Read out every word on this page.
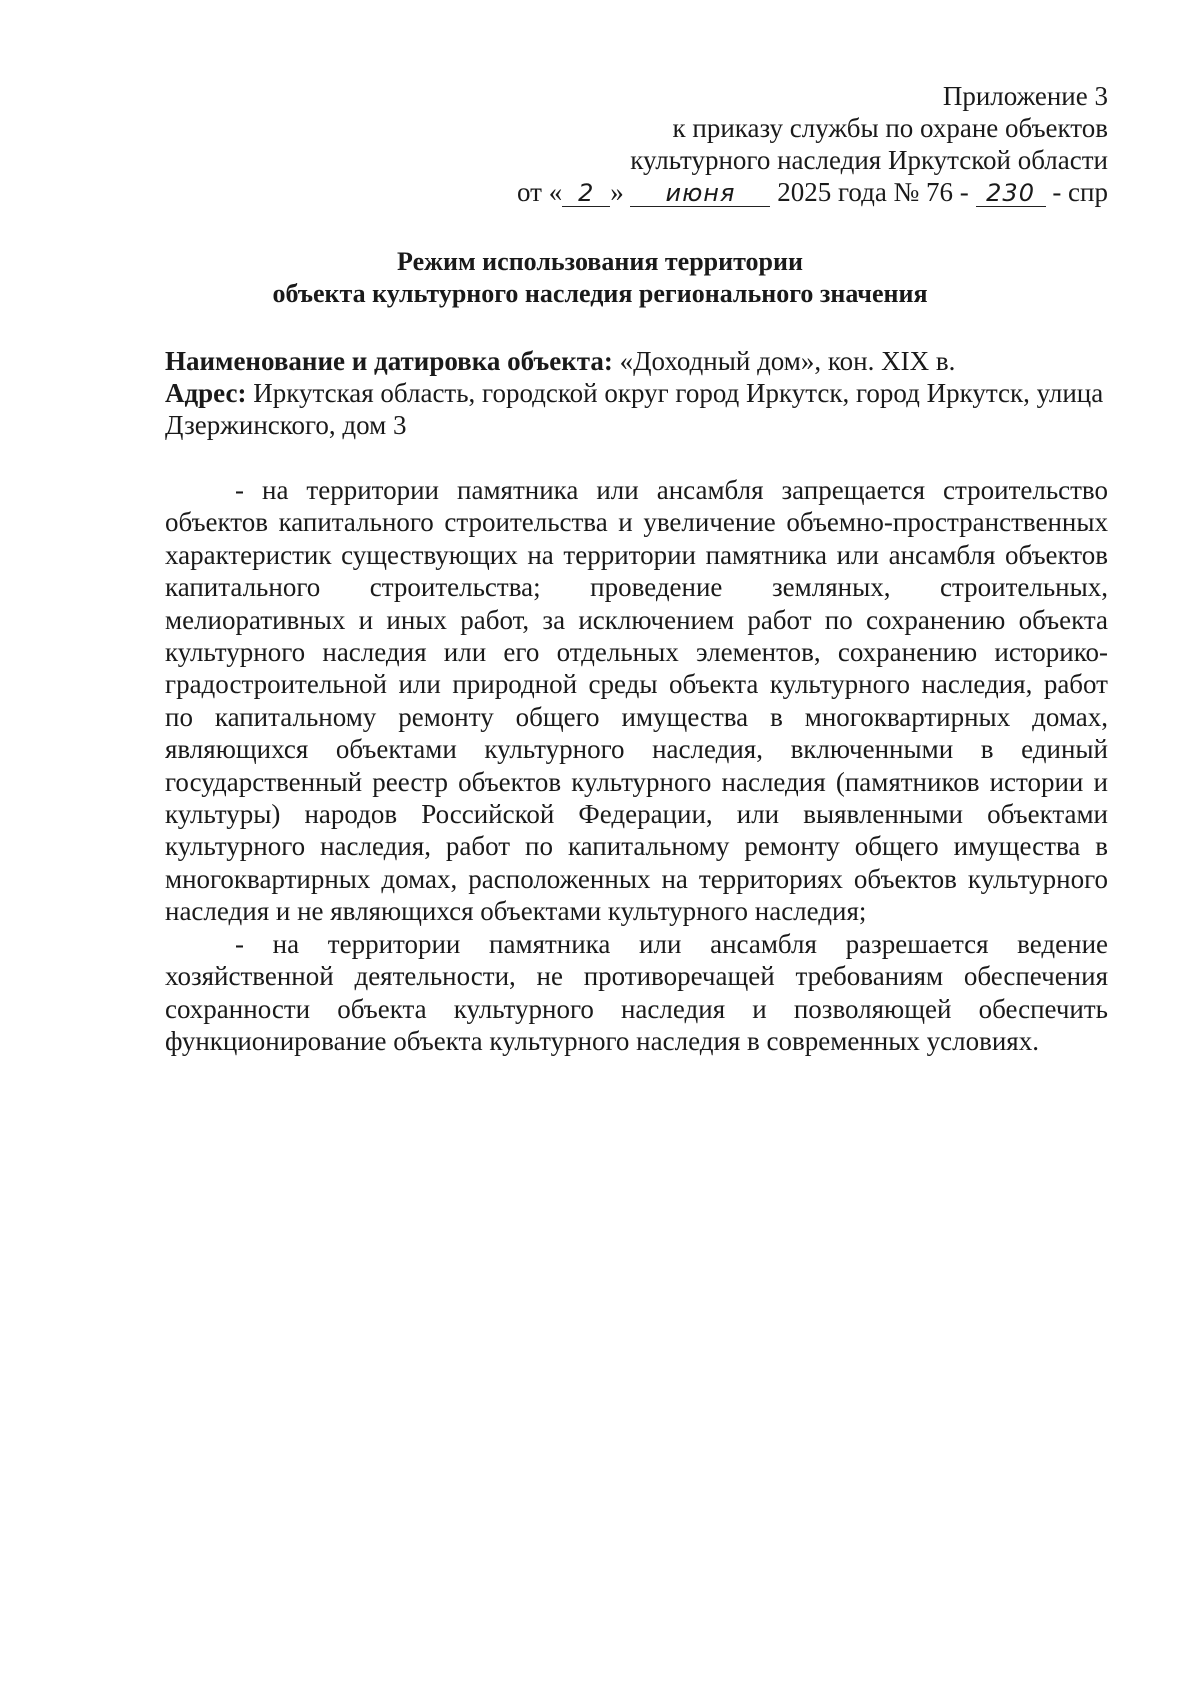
Приложение 3
к приказу службы по охране объектов
культурного наследия Иркутской области
от « 2 » июня 2025 года № 76 - 230 - спр
Режим использования территории
объекта культурного наследия регионального значения

Наименование и датировка объекта: «Доходный дом», кон. XIX в.

Адрес: Иркутская область, городской округ город Иркутск, город Иркутск, улица Дзержинского, дом 3

- на территории памятника или ансамбля запрещается строительство объектов капитального строительства и увеличение объемно-пространственных характеристик существующих на территории памятника или ансамбля объектов капитального строительства; проведение земляных, строительных, мелиоративных и иных работ, за исключением работ по сохранению объекта культурного наследия или его отдельных элементов, сохранению историко-градостроительной или природной среды объекта культурного наследия, работ по капитальному ремонту общего имущества в многоквартирных домах, являющихся объектами культурного наследия, включенными в единый государственный реестр объектов культурного наследия (памятников истории и культуры) народов Российской Федерации, или выявленными объектами культурного наследия, работ по капитальному ремонту общего имущества в многоквартирных домах, расположенных на территориях объектов культурного наследия и не являющихся объектами культурного наследия;

- на территории памятника или ансамбля разрешается ведение хозяйственной деятельности, не противоречащей требованиям обеспечения сохранности объекта культурного наследия и позволяющей обеспечить функционирование объекта культурного наследия в современных условиях.
